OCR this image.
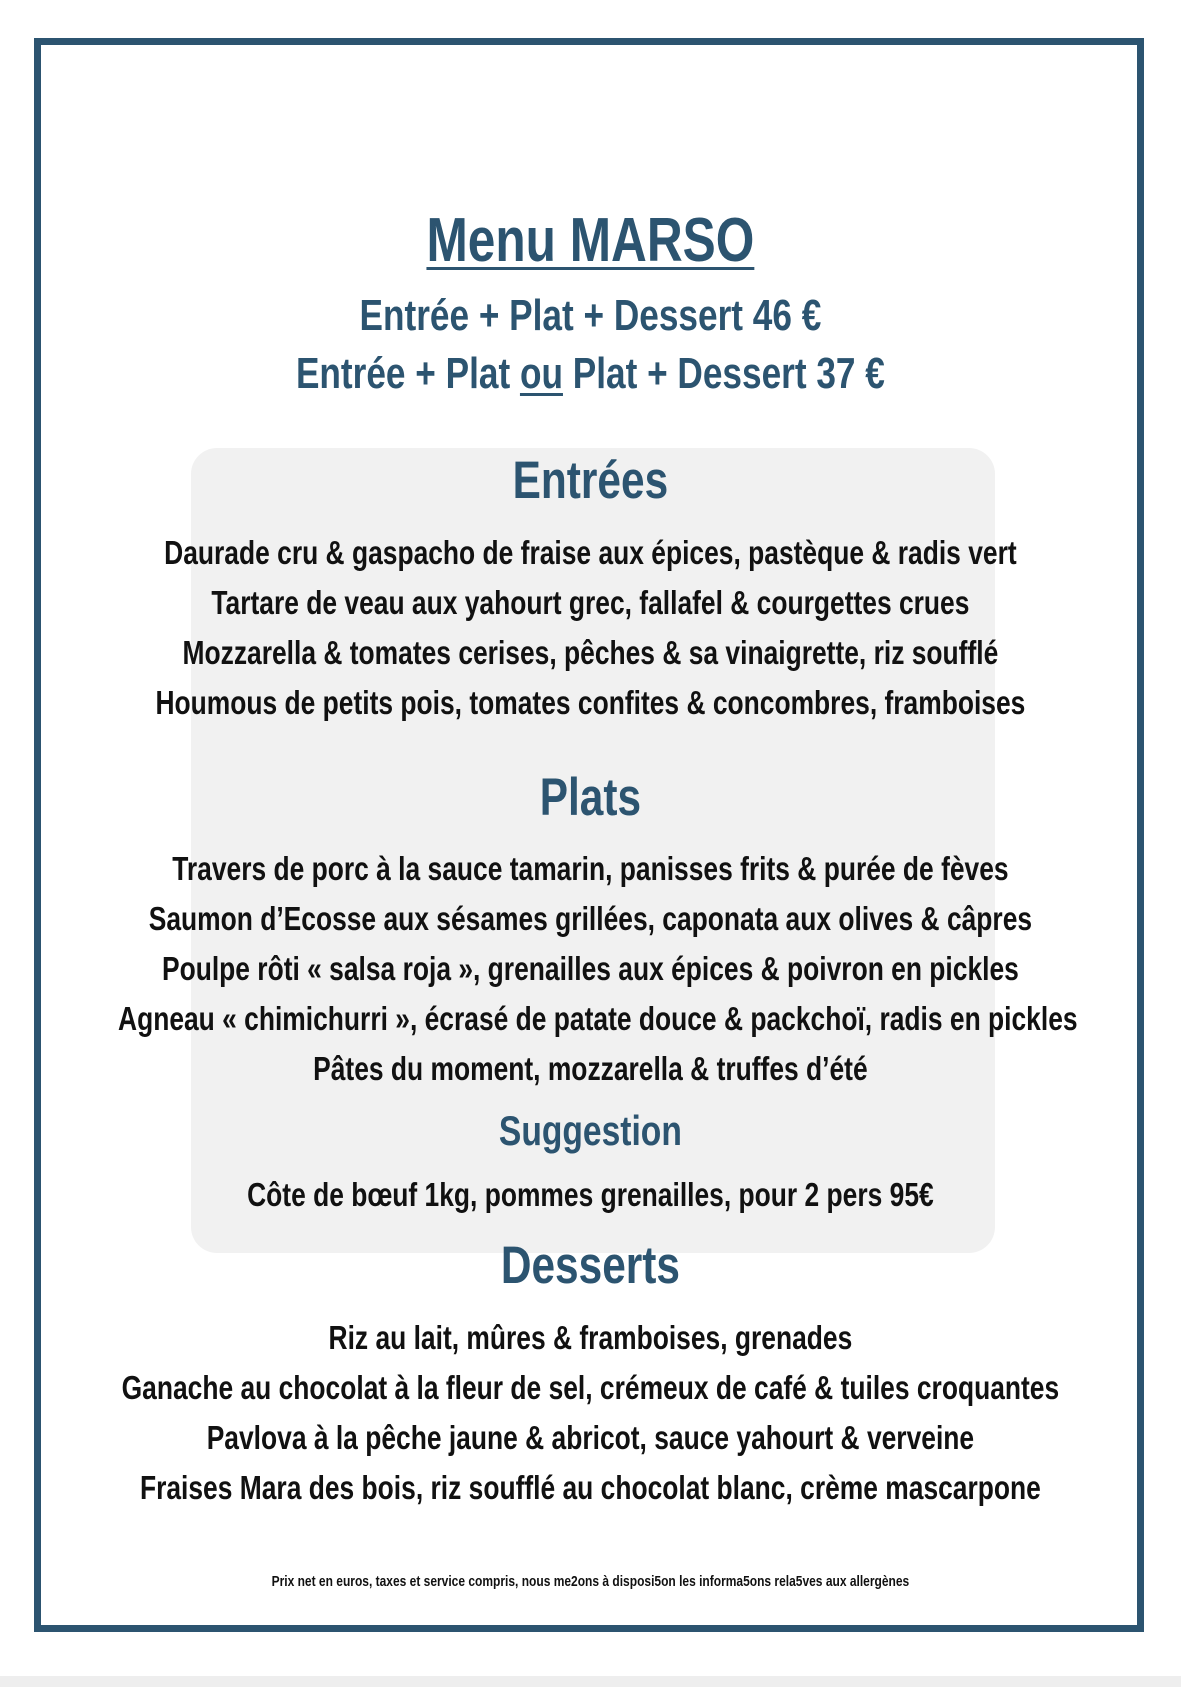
Menu MARSO
Entrée + Plat + Dessert 46 €
Entrée + Plat ou Plat + Dessert 37 €
Entrées
Daurade cru & gaspacho de fraise aux épices, pastèque & radis vert
Tartare de veau aux yahourt grec, fallafel & courgettes crues
Mozzarella & tomates cerises, pêches & sa vinaigrette, riz soufflé
Houmous de petits pois, tomates confites & concombres, framboises
Plats
Travers de porc à la sauce tamarin, panisses frits & purée de fèves
Saumon d’Ecosse aux sésames grillées, caponata aux olives & câpres
Poulpe rôti « salsa roja », grenailles aux épices & poivron en pickles
Agneau « chimichurri », écrasé de patate douce & packchoï, radis en pickles
Pâtes du moment, mozzarella & truffes d’été
Suggestion
Côte de bœuf 1kg, pommes grenailles, pour 2 pers 95€
Desserts
Riz au lait, mûres & framboises, grenades
Ganache au chocolat à la fleur de sel, crémeux de café & tuiles croquantes
Pavlova à la pêche jaune & abricot, sauce yahourt & verveine
Fraises Mara des bois, riz soufflé au chocolat blanc, crème mascarpone
Prix net en euros, taxes et service compris, nous me2ons à disposi5on les informa5ons rela5ves aux allergènes
